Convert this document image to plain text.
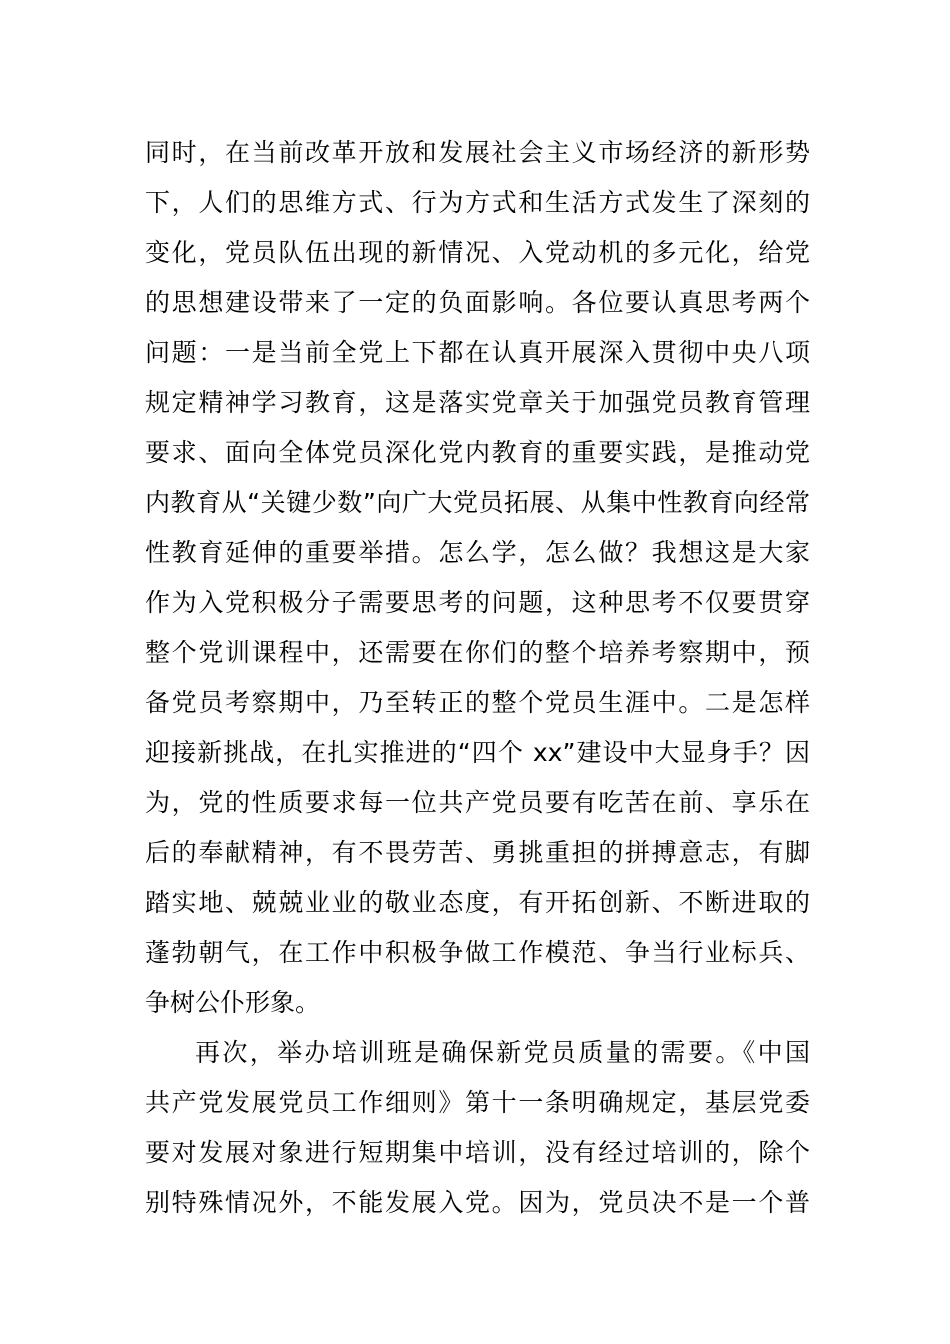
同时，在当前改革开放和发展社会主义市场经济的新形势
下，人们的思维方式、行为方式和生活方式发生了深刻的
变化，党员队伍出现的新情况、入党动机的多元化，给党
的思想建设带来了一定的负面影响。各位要认真思考两个
问题：一是当前全党上下都在认真开展深入贯彻中央八项
规定精神学习教育，这是落实党章关于加强党员教育管理
要求、面向全体党员深化党内教育的重要实践，是推动党
内教育从“关键少数”向广大党员拓展、从集中性教育向经常
性教育延伸的重要举措。怎么学，怎么做？我想这是大家
作为入党积极分子需要思考的问题，这种思考不仅要贯穿
整个党训课程中，还需要在你们的整个培养考察期中，预
备党员考察期中，乃至转正的整个党员生涯中。二是怎样
迎接新挑战，在扎实推进的“四个 xx”建设中大显身手？因
为，党的性质要求每一位共产党员要有吃苦在前、享乐在
后的奉献精神，有不畏劳苦、勇挑重担的拼搏意志，有脚
踏实地、兢兢业业的敬业态度，有开拓创新、不断进取的
蓬勃朝气，在工作中积极争做工作模范、争当行业标兵、
争树公仆形象。
再次，举办培训班是确保新党员质量的需要。《中国
共产党发展党员工作细则》第十一条明确规定，基层党委
要对发展对象进行短期集中培训，没有经过培训的，除个
别特殊情况外，不能发展入党。因为，党员决不是一个普
